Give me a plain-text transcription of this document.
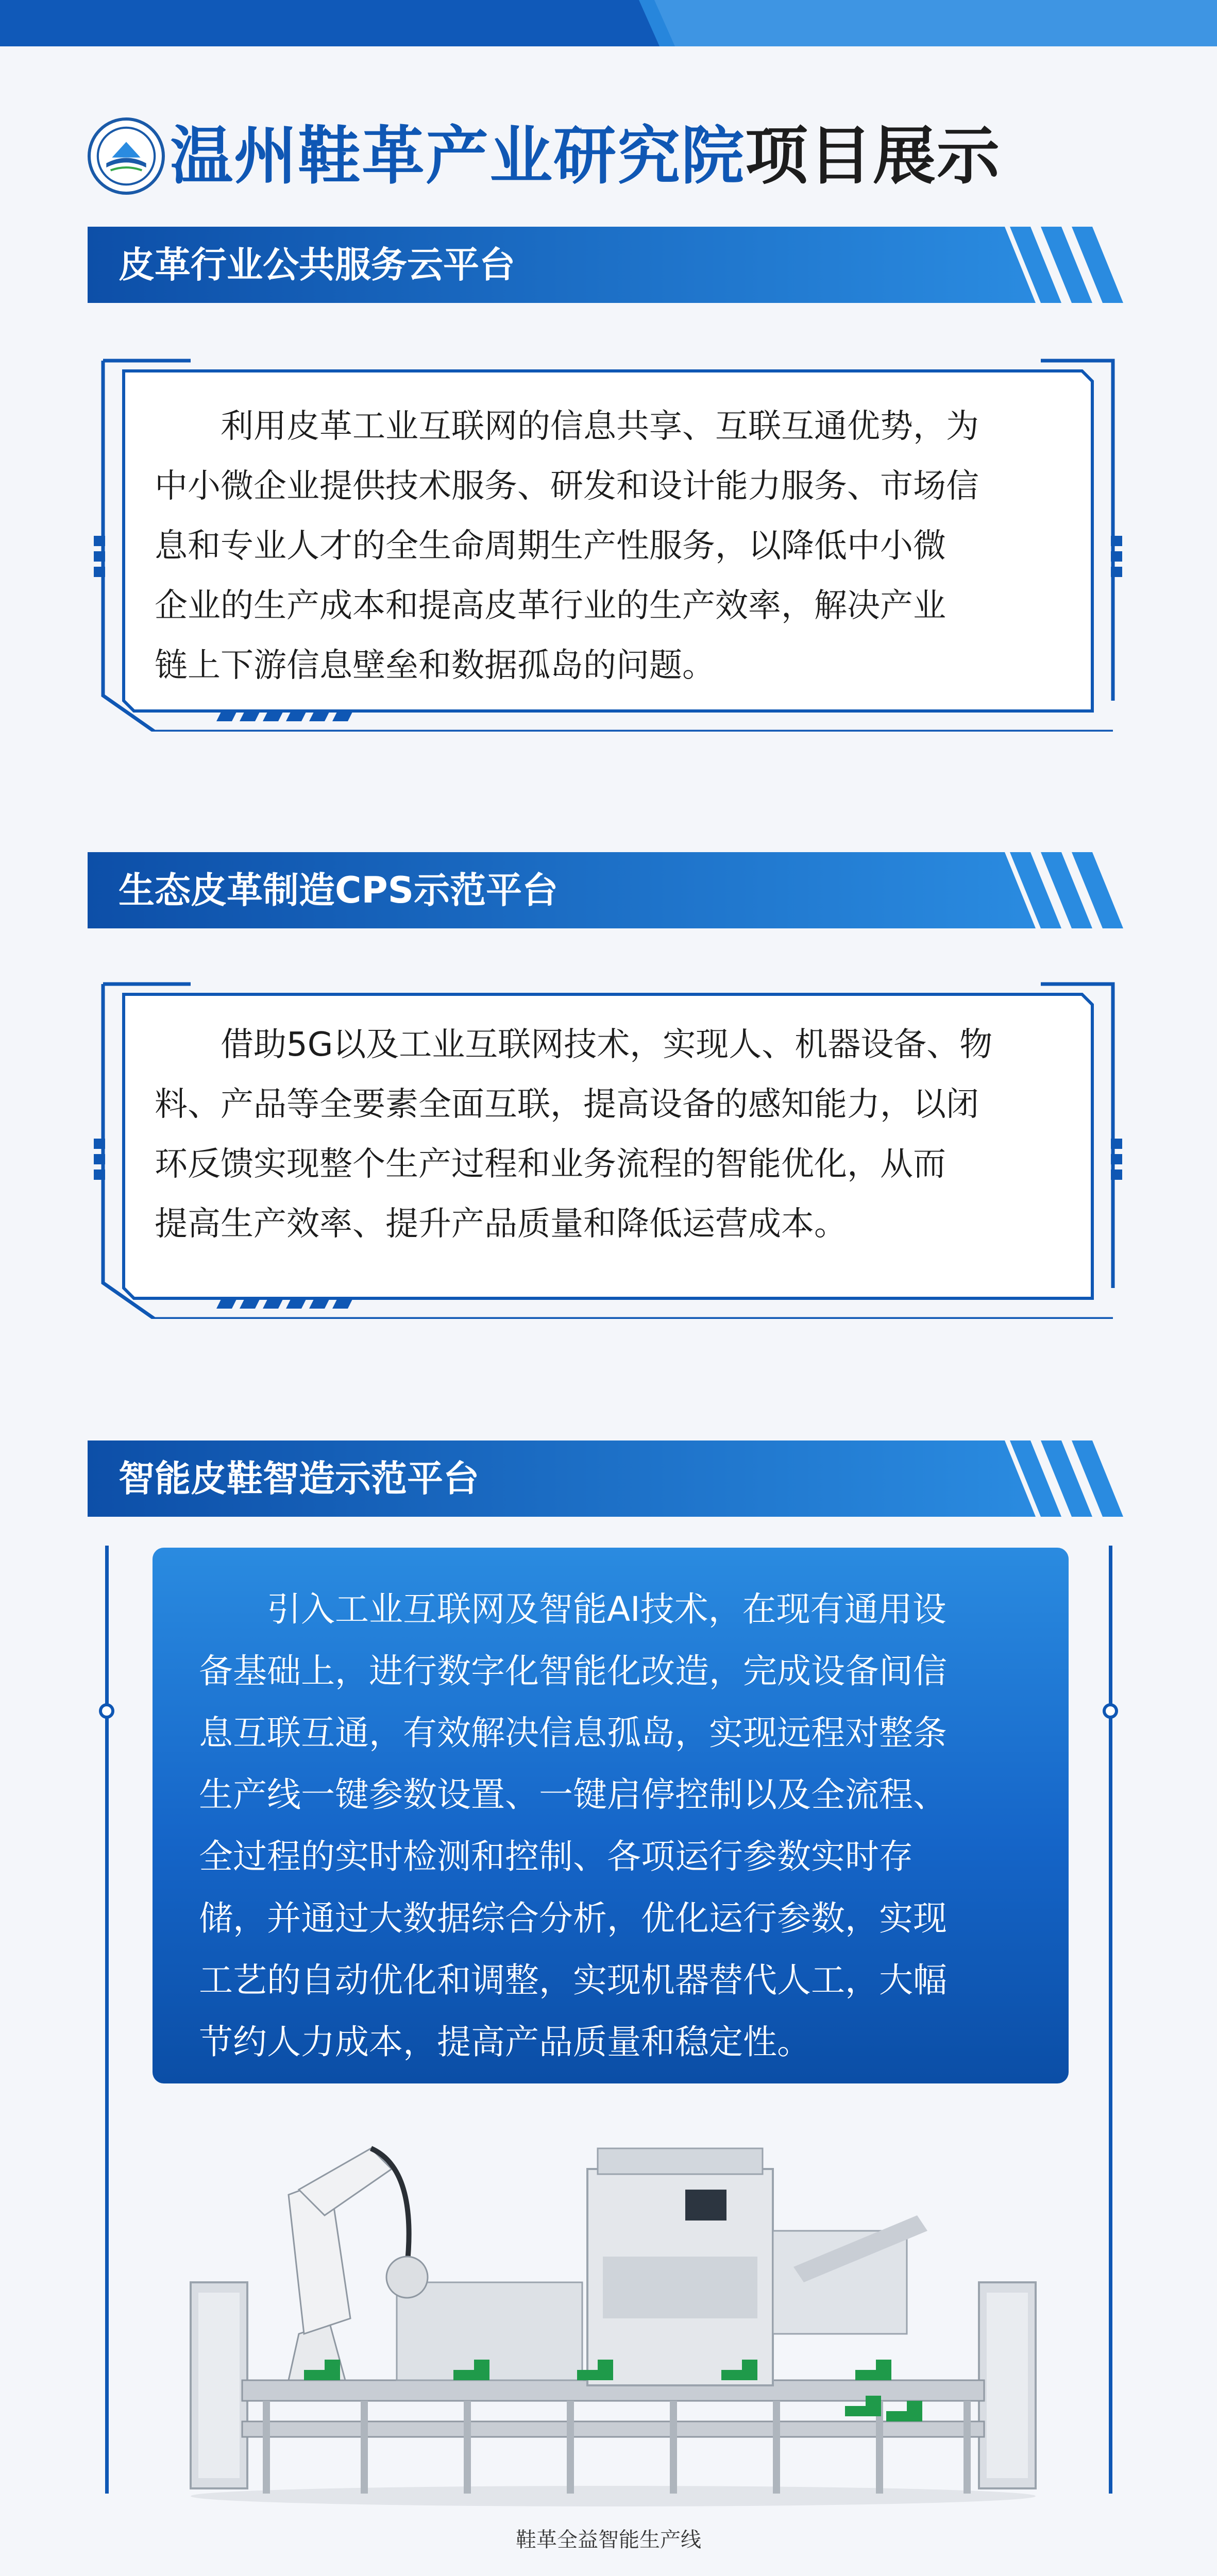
温州鞋革产业研究院项目展示
皮革行业公共服务云平台
利用皮革工业互联网的信息共享、互联互通优势，为
中小微企业提供技术服务、研发和设计能力服务、市场信
息和专业人才的全生命周期生产性服务，以降低中小微
企业的生产成本和提高皮革行业的生产效率，解决产业
链上下游信息壁垒和数据孤岛的问题。
生态皮革制造CPS示范平台
借助5G以及工业互联网技术，实现人、机器设备、物
料、产品等全要素全面互联，提高设备的感知能力，以闭
环反馈实现整个生产过程和业务流程的智能优化，从而
提高生产效率、提升产品质量和降低运营成本。
智能皮鞋智造示范平台
引入工业互联网及智能AI技术，在现有通用设
备基础上，进行数字化智能化改造，完成设备间信
息互联互通，有效解决信息孤岛，实现远程对整条
生产线一键参数设置、一键启停控制以及全流程、
全过程的实时检测和控制、各项运行参数实时存
储，并通过大数据综合分析，优化运行参数，实现
工艺的自动优化和调整，实现机器替代人工，大幅
节约人力成本，提高产品质量和稳定性。
鞋革全益智能生产线
